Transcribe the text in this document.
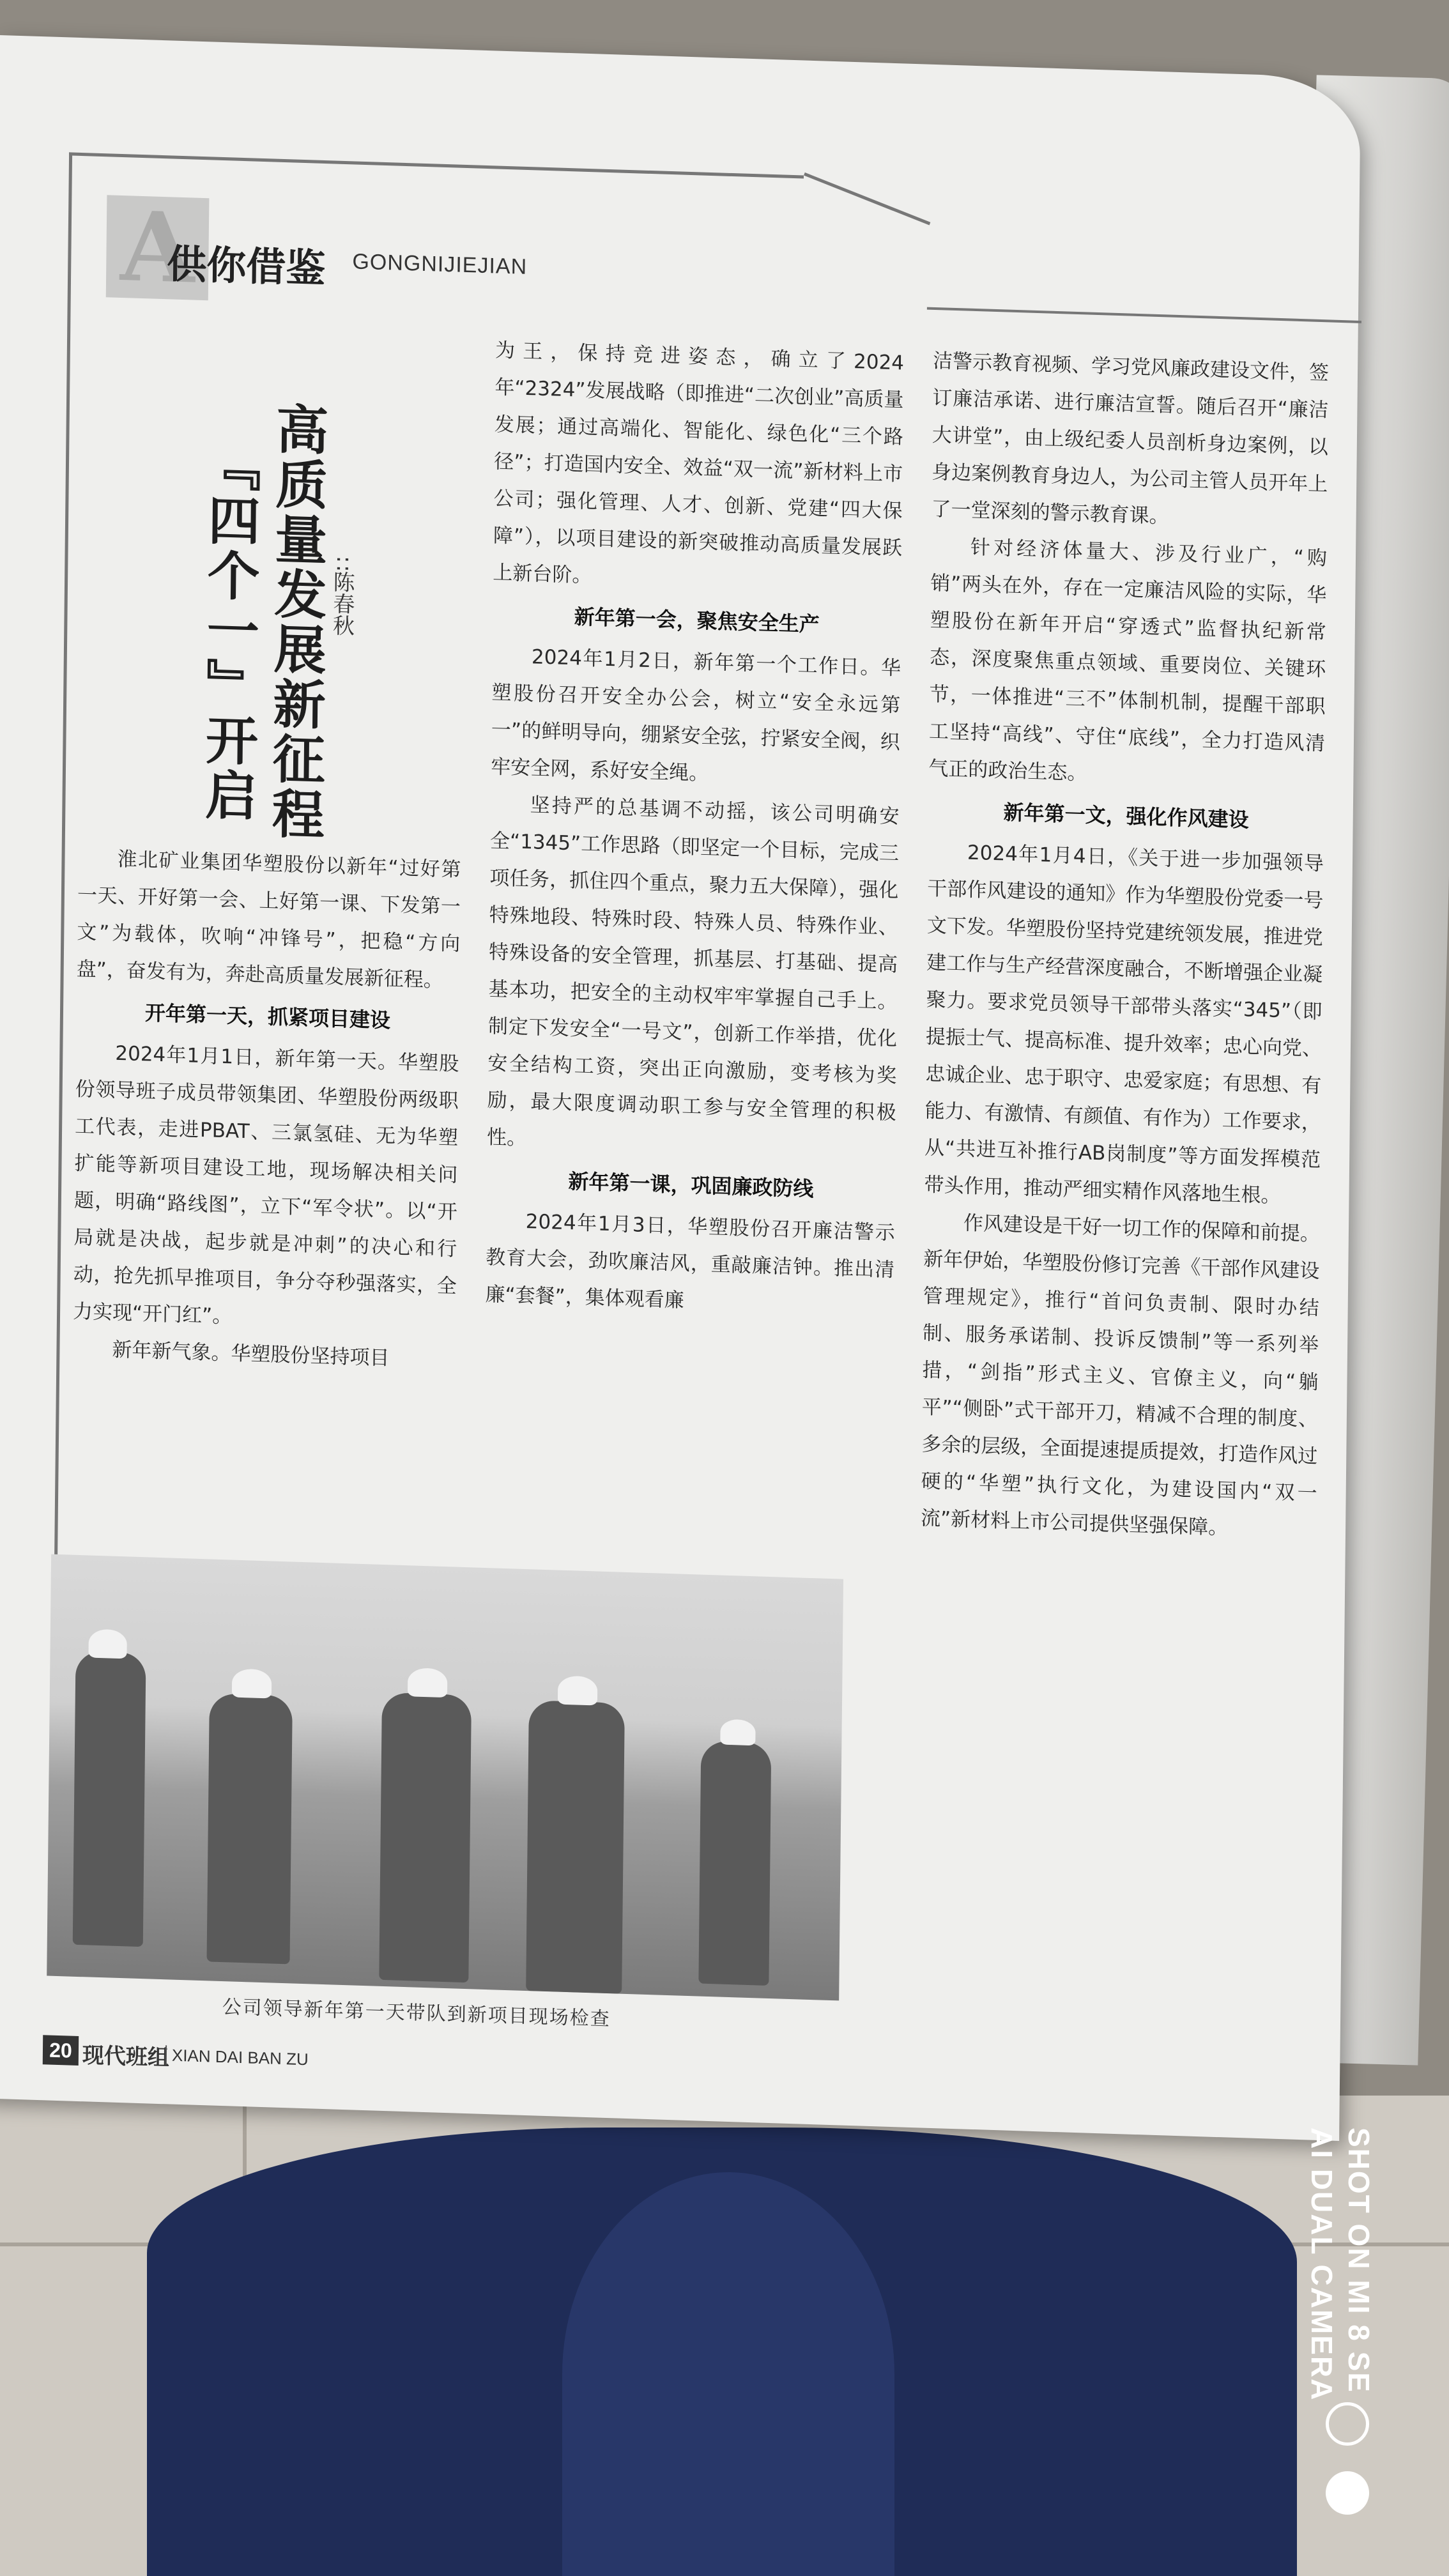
A
供你借鉴 GONGNIJIEJIAN
高质量发展新征程
『四个一』开启	∷陈春秋

淮北矿业集团华塑股份以新年“过好第一天、开好第一会、上好第一课、下发第一文”为载体，吹响“冲锋号”，把稳“方向盘”，奋发有为，奔赴高质量发展新征程。

开年第一天，抓紧项目建设

2024年1月1日，新年第一天。华塑股份领导班子成员带领集团、华塑股份两级职工代表，走进PBAT、三氯氢硅、无为华塑扩能等新项目建设工地，现场解决相关问题，明确“路线图”，立下“军令状”。以“开局就是决战，起步就是冲刺”的决心和行动，抢先抓早推项目，争分夺秒强落实，全力实现“开门红”。

新年新气象。华塑股份坚持项目

为王，保持竞进姿态，确立了2024年“2324”发展战略（即推进“二次创业”高质量发展；通过高端化、智能化、绿色化“三个路径”；打造国内安全、效益“双一流”新材料上市公司；强化管理、人才、创新、党建“四大保障”），以项目建设的新突破推动高质量发展跃上新台阶。

新年第一会，聚焦安全生产

2024年1月2日，新年第一个工作日。华塑股份召开安全办公会，树立“安全永远第一”的鲜明导向，绷紧安全弦，拧紧安全阀，织牢安全网，系好安全绳。

坚持严的总基调不动摇，该公司明确安全“1345”工作思路（即坚定一个目标，完成三项任务，抓住四个重点，聚力五大保障），强化特殊地段、特殊时段、特殊人员、特殊作业、特殊设备的安全管理，抓基层、打基础、提高基本功，把安全的主动权牢牢掌握自己手上。制定下发安全“一号文”，创新工作举措，优化安全结构工资，突出正向激励，变考核为奖励，最大限度调动职工参与安全管理的积极性。

新年第一课，巩固廉政防线

2024年1月3日，华塑股份召开廉洁警示教育大会，劲吹廉洁风，重敲廉洁钟。推出清廉“套餐”，集体观看廉

洁警示教育视频、学习党风廉政建设文件，签订廉洁承诺、进行廉洁宣誓。随后召开“廉洁大讲堂”，由上级纪委人员剖析身边案例，以身边案例教育身边人，为公司主管人员开年上了一堂深刻的警示教育课。

针对经济体量大、涉及行业广，“购销”两头在外，存在一定廉洁风险的实际，华塑股份在新年开启“穿透式”监督执纪新常态，深度聚焦重点领域、重要岗位、关键环节，一体推进“三不”体制机制，提醒干部职工坚持“高线”、守住“底线”，全力打造风清气正的政治生态。

新年第一文，强化作风建设

2024年1月4日，《关于进一步加强领导干部作风建设的通知》作为华塑股份党委一号文下发。华塑股份坚持党建统领发展，推进党建工作与生产经营深度融合，不断增强企业凝聚力。要求党员领导干部带头落实“345”（即提振士气、提高标准、提升效率；忠心向党、忠诚企业、忠于职守、忠爱家庭；有思想、有能力、有激情、有颜值、有作为）工作要求，从“共进互补推行AB岗制度”等方面发挥模范带头作用，推动严细实精作风落地生根。

作风建设是干好一切工作的保障和前提。新年伊始，华塑股份修订完善《干部作风建设管理规定》，推行“首问负责制、限时办结制、服务承诺制、投诉反馈制”等一系列举措，“剑指”形式主义、官僚主义，向“躺平”“侧卧”式干部开刀，精减不合理的制度、多余的层级，全面提速提质提效，打造作风过硬的“华塑”执行文化，为建设国内“双一流”新材料上市公司提供坚强保障。

公司领导新年第一天带队到新项目现场检查
20 现代班组 XIAN DAI BAN ZU
SHOT ON MI 8 SE
AI DUAL CAMERA
